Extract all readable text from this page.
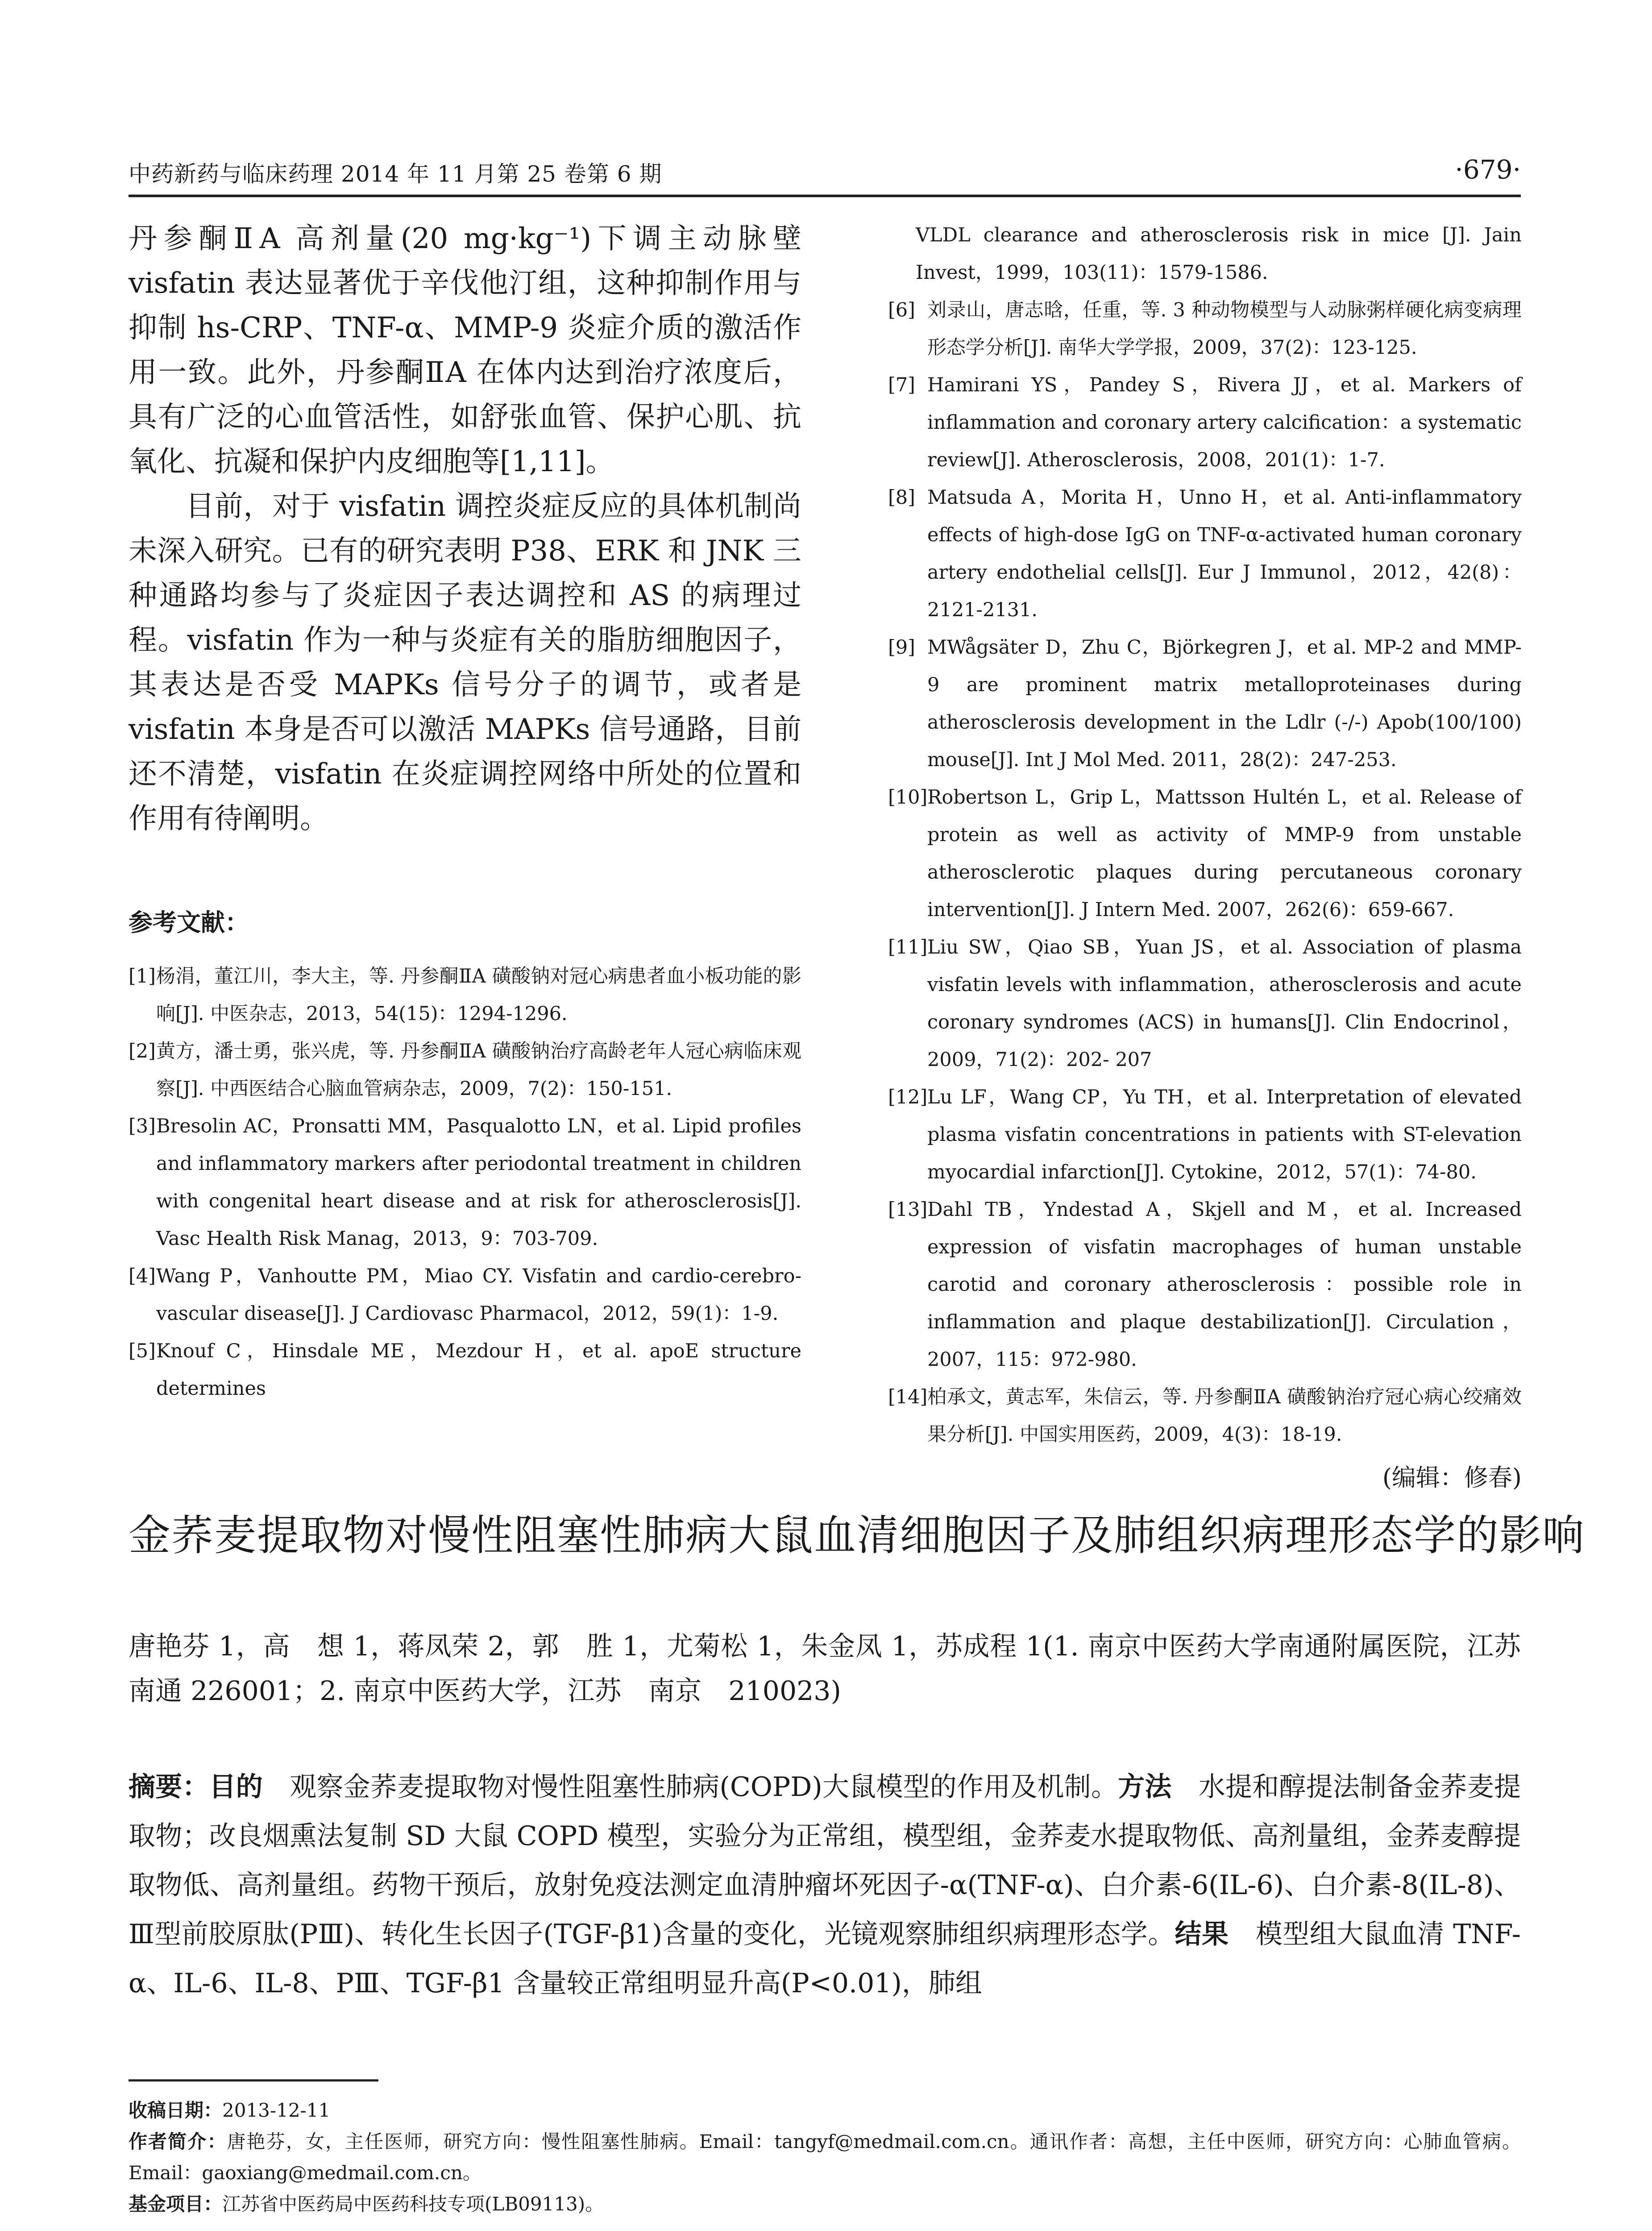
中药新药与临床药理 2014 年 11 月第 25 卷第 6 期	·679·

丹参酮ⅡA 高剂量(20 mg·kg⁻¹)下调主动脉壁 visfatin 表达显著优于辛伐他汀组，这种抑制作用与抑制 hs-CRP、TNF-α、MMP-9 炎症介质的激活作用一致。此外，丹参酮ⅡA 在体内达到治疗浓度后，具有广泛的心血管活性，如舒张血管、保护心肌、抗氧化、抗凝和保护内皮细胞等[1,11]。

目前，对于 visfatin 调控炎症反应的具体机制尚未深入研究。已有的研究表明 P38、ERK 和 JNK 三种通路均参与了炎症因子表达调控和 AS 的病理过程。visfatin 作为一种与炎症有关的脂肪细胞因子，其表达是否受 MAPKs 信号分子的调节，或者是 visfatin 本身是否可以激活 MAPKs 信号通路，目前还不清楚，visfatin 在炎症调控网络中所处的位置和作用有待阐明。

参考文献：

[1] 杨涓，董江川，李大主，等. 丹参酮ⅡA 磺酸钠对冠心病患者血小板功能的影响[J]. 中医杂志，2013，54(15)：1294-1296.

[2] 黄方，潘士勇，张兴虎，等. 丹参酮ⅡA 磺酸钠治疗高龄老年人冠心病临床观察[J]. 中西医结合心脑血管病杂志，2009，7(2)：150-151.

[3] Bresolin AC，Pronsatti MM，Pasqualotto LN，et al. Lipid profiles and inflammatory markers after periodontal treatment in children with congenital heart disease and at risk for atherosclerosis[J]. Vasc Health Risk Manag，2013，9：703-709.

[4] Wang P，Vanhoutte PM，Miao CY. Visfatin and cardio-cerebro-vascular disease[J]. J Cardiovasc Pharmacol，2012，59(1)：1-9.

[5] Knouf C，Hinsdale ME，Mezdour H，et al. apoE structure determines

VLDL clearance and atherosclerosis risk in mice [J]. Jain Invest，1999，103(11)：1579-1586.

[6] 刘录山，唐志晗，任重，等. 3 种动物模型与人动脉粥样硬化病变病理形态学分析[J]. 南华大学学报，2009，37(2)：123-125.

[7] Hamirani YS，Pandey S，Rivera JJ，et al. Markers of inflammation and coronary artery calcification：a systematic review[J]. Atherosclerosis，2008，201(1)：1-7.

[8] Matsuda A，Morita H，Unno H，et al. Anti-inflammatory effects of high-dose IgG on TNF-α-activated human coronary artery endothelial cells[J]. Eur J Immunol，2012，42(8)：2121-2131.

[9] MWågsäter D，Zhu C，Björkegren J，et al. MP-2 and MMP-9 are prominent matrix metalloproteinases during atherosclerosis development in the Ldlr (-/-) Apob(100/100) mouse[J]. Int J Mol Med. 2011，28(2)：247-253.

[10] Robertson L，Grip L，Mattsson Hultén L，et al. Release of protein as well as activity of MMP-9 from unstable atherosclerotic plaques during percutaneous coronary intervention[J]. J Intern Med. 2007，262(6)：659-667.

[11] Liu SW，Qiao SB，Yuan JS，et al. Association of plasma visfatin levels with inflammation，atherosclerosis and acute coronary syndromes (ACS) in humans[J]. Clin Endocrinol，2009，71(2)：202- 207

[12] Lu LF，Wang CP，Yu TH，et al. Interpretation of elevated plasma visfatin concentrations in patients with ST-elevation myocardial infarction[J]. Cytokine，2012，57(1)：74-80.

[13] Dahl TB，Yndestad A，Skjell and M，et al. Increased expression of visfatin macrophages of human unstable carotid and coronary atherosclerosis：possible role in inflammation and plaque destabilization[J]. Circulation，2007，115：972-980.

[14] 柏承文，黄志军，朱信云，等. 丹参酮ⅡA 磺酸钠治疗冠心病心绞痛效果分析[J]. 中国实用医药，2009，4(3)：18-19.

(编辑：修春)
金荞麦提取物对慢性阻塞性肺病大鼠血清细胞因子及肺组织病理形态学的影响
唐艳芬 1，高　想 1，蒋凤荣 2，郭　胜 1，尤菊松 1，朱金凤 1，苏成程 1(1. 南京中医药大学南通附属医院，江苏 南通 226001；2. 南京中医药大学，江苏　南京　210023)
摘要：目的　观察金荞麦提取物对慢性阻塞性肺病(COPD)大鼠模型的作用及机制。方法　水提和醇提法制备金荞麦提取物；改良烟熏法复制 SD 大鼠 COPD 模型，实验分为正常组，模型组，金荞麦水提取物低、高剂量组，金荞麦醇提取物低、高剂量组。药物干预后，放射免疫法测定血清肿瘤坏死因子-α(TNF-α)、白介素-6(IL-6)、白介素-8(IL-8)、Ⅲ型前胶原肽(PⅢ)、转化生长因子(TGF-β1)含量的变化，光镜观察肺组织病理形态学。结果　模型组大鼠血清 TNF-α、IL-6、IL-8、PⅢ、TGF-β1 含量较正常组明显升高(P<0.01)，肺组

收稿日期：2013-12-11

作者简介：唐艳芬，女，主任医师，研究方向：慢性阻塞性肺病。Email：tangyf@medmail.com.cn。通讯作者：高想，主任中医师，研究方向：心肺血管病。Email：gaoxiang@medmail.com.cn。

基金项目：江苏省中医药局中医药科技专项(LB09113)。
